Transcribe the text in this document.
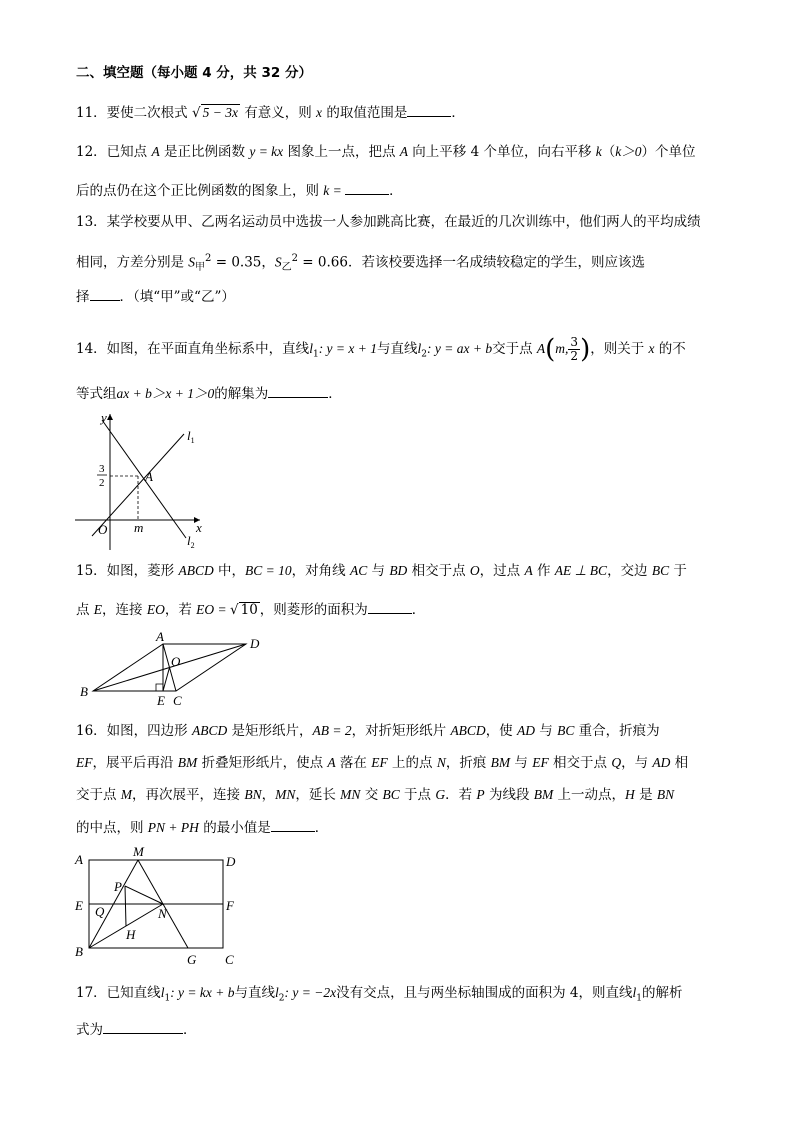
二、填空题（每小题 4 分，共 32 分）
11．要使二次根式 √ 5 − 3x 有意义，则 x 的取值范围是	．
12．已知点 A 是正比例函数 y = kx 图象上一点，把点 A 向上平移 4 个单位，向右平移 k（k＞0）个单位
后的点仍在这个正比例函数的图象上，则 k =	．
13．某学校要从甲、乙两名运动员中选拔一人参加跳高比赛，在最近的几次训练中，他们两人的平均成绩
相同，方差分别是 $S_甲^2 = 0.35$，$S_乙^2 = 0.66$．若该校要选择一名成绩较稳定的学生，则应该选
择 ．（填“甲”或“乙”）
14．如图，在平面直角坐标系中，直线$l_1$: y = x + 1与直线$l_2$: y = ax + b交于点 A(m, $\frac{3}{2}$ )，则关于 x 的不
等式组ax + b＞x + 1＞0的解集为	．
y
x
O m
A
$l_1$
$l_2$
3
2
15．如图，菱形 ABCD 中，BC = 10，对角线 AC 与 BD 相交于点 O，过点 A 作 AE ⊥ BC，交边 BC 于
点 E，连接 EO，若 EO = √ 10 ，则菱形的面积为	．
A
B
C
D
E
O
16．如图，四边形 ABCD 是矩形纸片，AB = 2，对折矩形纸片 ABCD，使 AD 与 BC 重合，折痕为
EF，展平后再沿 BM 折叠矩形纸片，使点 A 落在 EF 上的点 N，折痕 BM 与 EF 相交于点 Q，与 AD 相
交于点 M，再次展平，连接 BN，MN，延长 MN 交 BC 于点 G．若 P 为线段 BM 上一动点，H 是 BN
的中点，则 PN + PH 的最小值是	．
A
B
C
D
E	F
G
H
M
N
P
Q
17．已知直线$l_1$: y = kx + b与直线$l_2$: y = −2x没有交点，且与两坐标轴围成的面积为 4，则直线$l_1$的解析
式为	．
